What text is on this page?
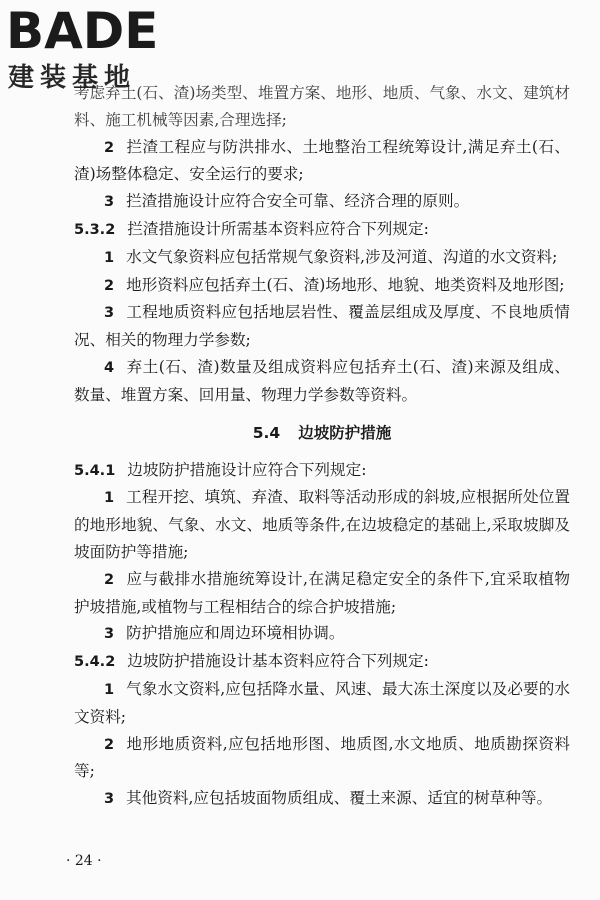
BADE
建装基地

考虑弃土(石、渣)场类型、堆置方案、地形、地质、气象、水文、建筑材料、施工机械等因素,合理选择;

2 拦渣工程应与防洪排水、土地整治工程统筹设计,满足弃土(石、渣)场整体稳定、安全运行的要求;

3 拦渣措施设计应符合安全可靠、经济合理的原则。

5.3.2 拦渣措施设计所需基本资料应符合下列规定:

1 水文气象资料应包括常规气象资料,涉及河道、沟道的水文资料;

2 地形资料应包括弃土(石、渣)场地形、地貌、地类资料及地形图;

3 工程地质资料应包括地层岩性、覆盖层组成及厚度、不良地质情况、相关的物理力学参数;

4 弃土(石、渣)数量及组成资料应包括弃土(石、渣)来源及组成、数量、堆置方案、回用量、物理力学参数等资料。

5.4 边坡防护措施

5.4.1 边坡防护措施设计应符合下列规定:

1 工程开挖、填筑、弃渣、取料等活动形成的斜坡,应根据所处位置的地形地貌、气象、水文、地质等条件,在边坡稳定的基础上,采取坡脚及坡面防护等措施;

2 应与截排水措施统筹设计,在满足稳定安全的条件下,宜采取植物护坡措施,或植物与工程相结合的综合护坡措施;

3 防护措施应和周边环境相协调。

5.4.2 边坡防护措施设计基本资料应符合下列规定:

1 气象水文资料,应包括降水量、风速、最大冻土深度以及必要的水文资料;

2 地形地质资料,应包括地形图、地质图,水文地质、地质勘探资料等;

3 其他资料,应包括坡面物质组成、覆土来源、适宜的树草种等。

· 24 ·
